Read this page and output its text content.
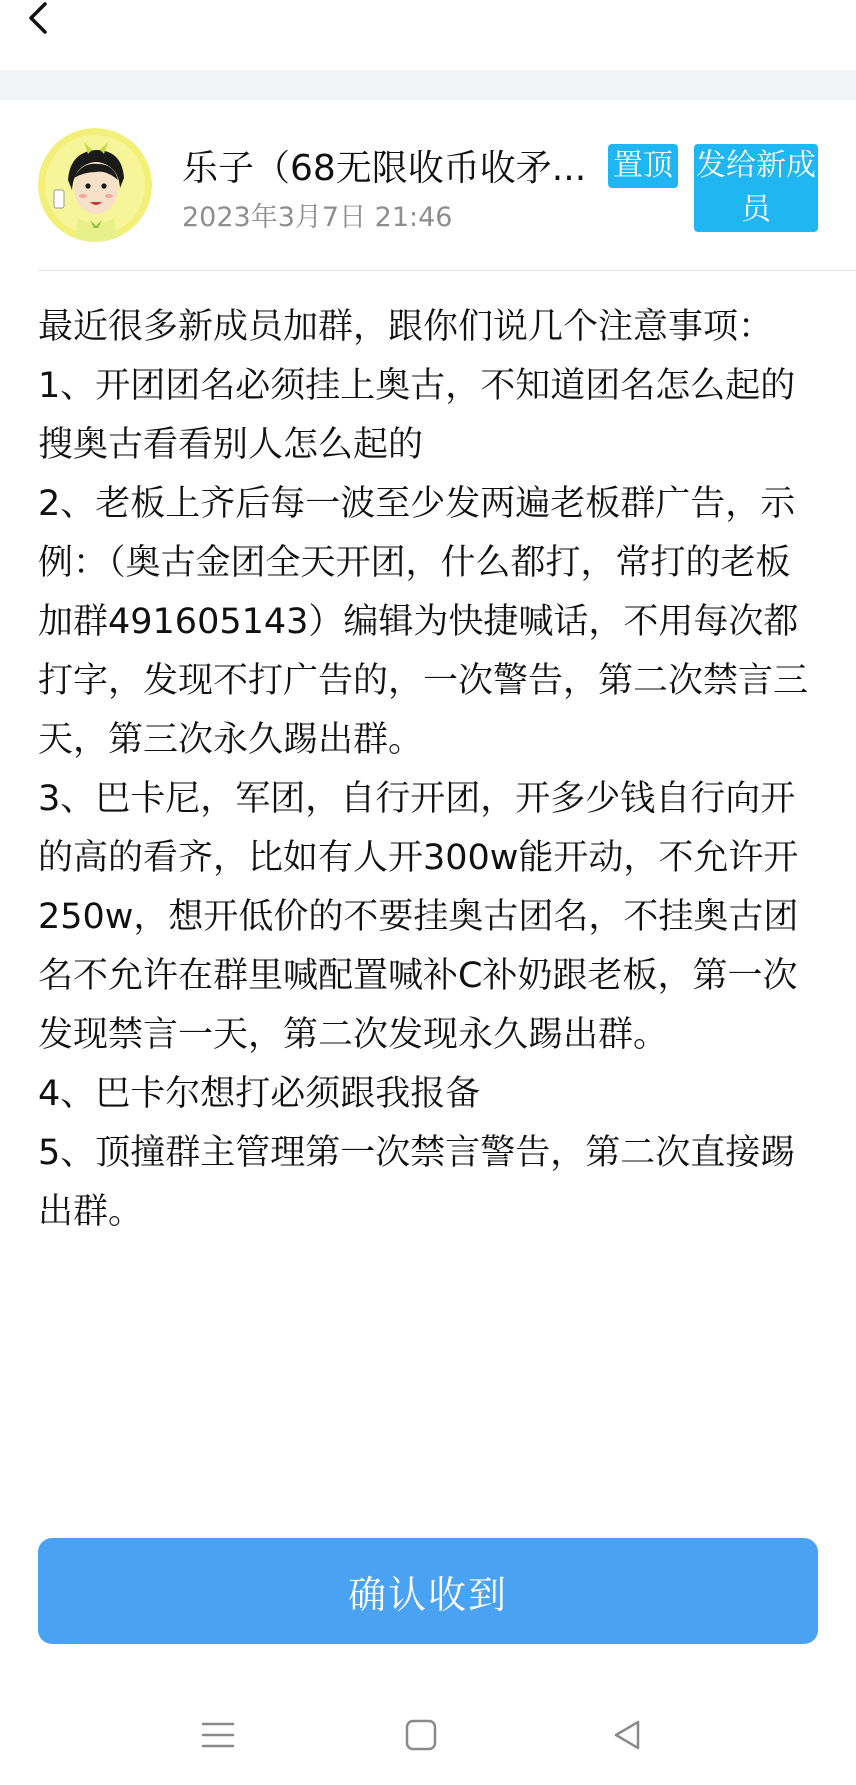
乐子（68无限收币收矛...
2023年3月7日 21:46
置顶 发给新成员

最近很多新成员加群，跟你们说几个注意事项：

1、开团团名必须挂上奥古，不知道团名怎么起的搜奥古看看别人怎么起的

2、老板上齐后每一波至少发两遍老板群广告，示例：（奥古金团全天开团，什么都打，常打的老板加群491605143）编辑为快捷喊话，不用每次都打字，发现不打广告的，一次警告，第二次禁言三天，第三次永久踢出群。

3、巴卡尼，军团，自行开团，开多少钱自行向开的高的看齐，比如有人开300w能开动，不允许开250w，想开低价的不要挂奥古团名，不挂奥古团名不允许在群里喊配置喊补C补奶跟老板，第一次发现禁言一天，第二次发现永久踢出群。

4、巴卡尔想打必须跟我报备

5、顶撞群主管理第一次禁言警告，第二次直接踢出群。

确认收到
